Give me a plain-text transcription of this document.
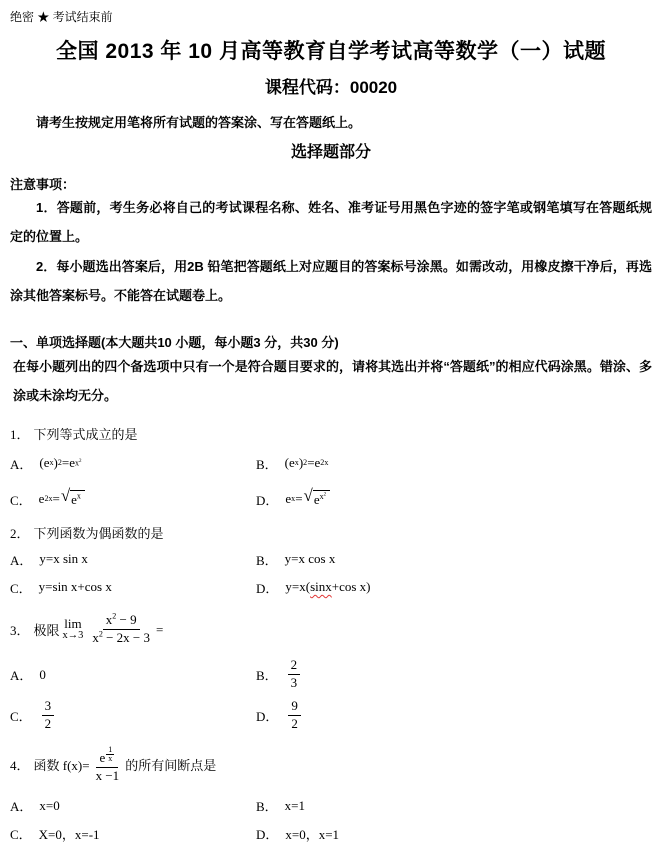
绝密 ★ 考试结束前
全国 2013 年 10 月高等教育自学考试高等数学（一）试题
课程代码：00020

请考生按规定用笔将所有试题的答案涂、写在答题纸上。

选择题部分

注意事项：

1．答题前，考生务必将自己的考试课程名称、姓名、准考证号用黑色字迹的签字笔或钢笔填写在答题纸规定的位置上。

2．每小题选出答案后，用2B 铅笔把答题纸上对应题目的答案标号涂黑。如需改动，用橡皮擦干净后，再选涂其他答案标号。不能答在试题卷上。

一、单项选择题(本大题共10 小题，每小题3 分，共30 分)

在每小题列出的四个备选项中只有一个是符合题目要求的，请将其选出并将“答题纸”的相应代码涂黑。错涂、多涂或未涂均无分。

1． 下列等式成立的是
A． (e x ) 2 =e $x^2$	B． (e x ) 2 =e 2x
C． e 2x = √ $e^x$	D． e x = √ $e^{x^2}$
2． 下列函数为偶函数的是
A． y=x sin x	B． y=x cos x
C． y=sin x+cos x	D． y=x( sinx +cos x)
3． 极限 lim
$x\to 3 \frac{x^2 - 9}{x^2 - 2x - 3}$ =
A． 0	B． $\frac{2}{3}$
C． $\frac{3}{2}$	D． $\frac{9}{2}$
4． 函数 f(x)= e $^{\frac{1}{x}}$
x −1 的所有间断点是
A． x=0	B． x=1
C． X=0，x=-1	D． x=0，x=1
